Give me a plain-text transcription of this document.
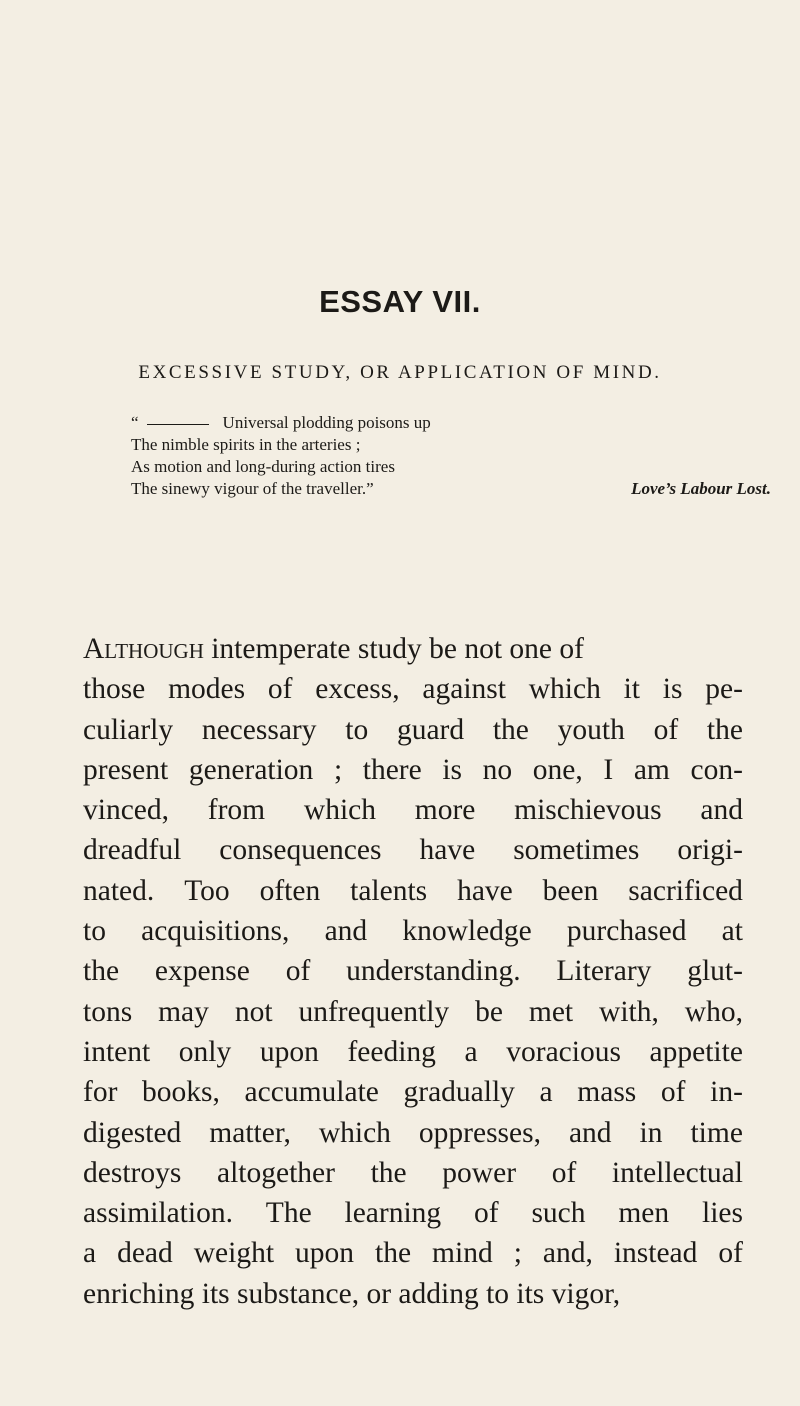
ESSAY VII.
EXCESSIVE STUDY, OR APPLICATION OF MIND.
“	Universal plodding poisons up
The nimble spirits in the arteries ;
As motion and long-during action tires
The sinewy vigour of the traveller.”	Love’s Labour Lost.
Although intemperate study be not one of
those modes of excess, against which it is pe-
culiarly necessary to guard the youth of the
present generation ; there is no one, I am con-
vinced, from which more mischievous and
dreadful consequences have sometimes origi-
nated. Too often talents have been sacrificed
to acquisitions, and knowledge purchased at
the expense of understanding. Literary glut-
tons may not unfrequently be met with, who,
intent only upon feeding a voracious appetite
for books, accumulate gradually a mass of in-
digested matter, which oppresses, and in time
destroys altogether the power of intellectual
assimilation. The learning of such men lies
a dead weight upon the mind ; and, instead of
enriching its substance, or adding to its vigor,
